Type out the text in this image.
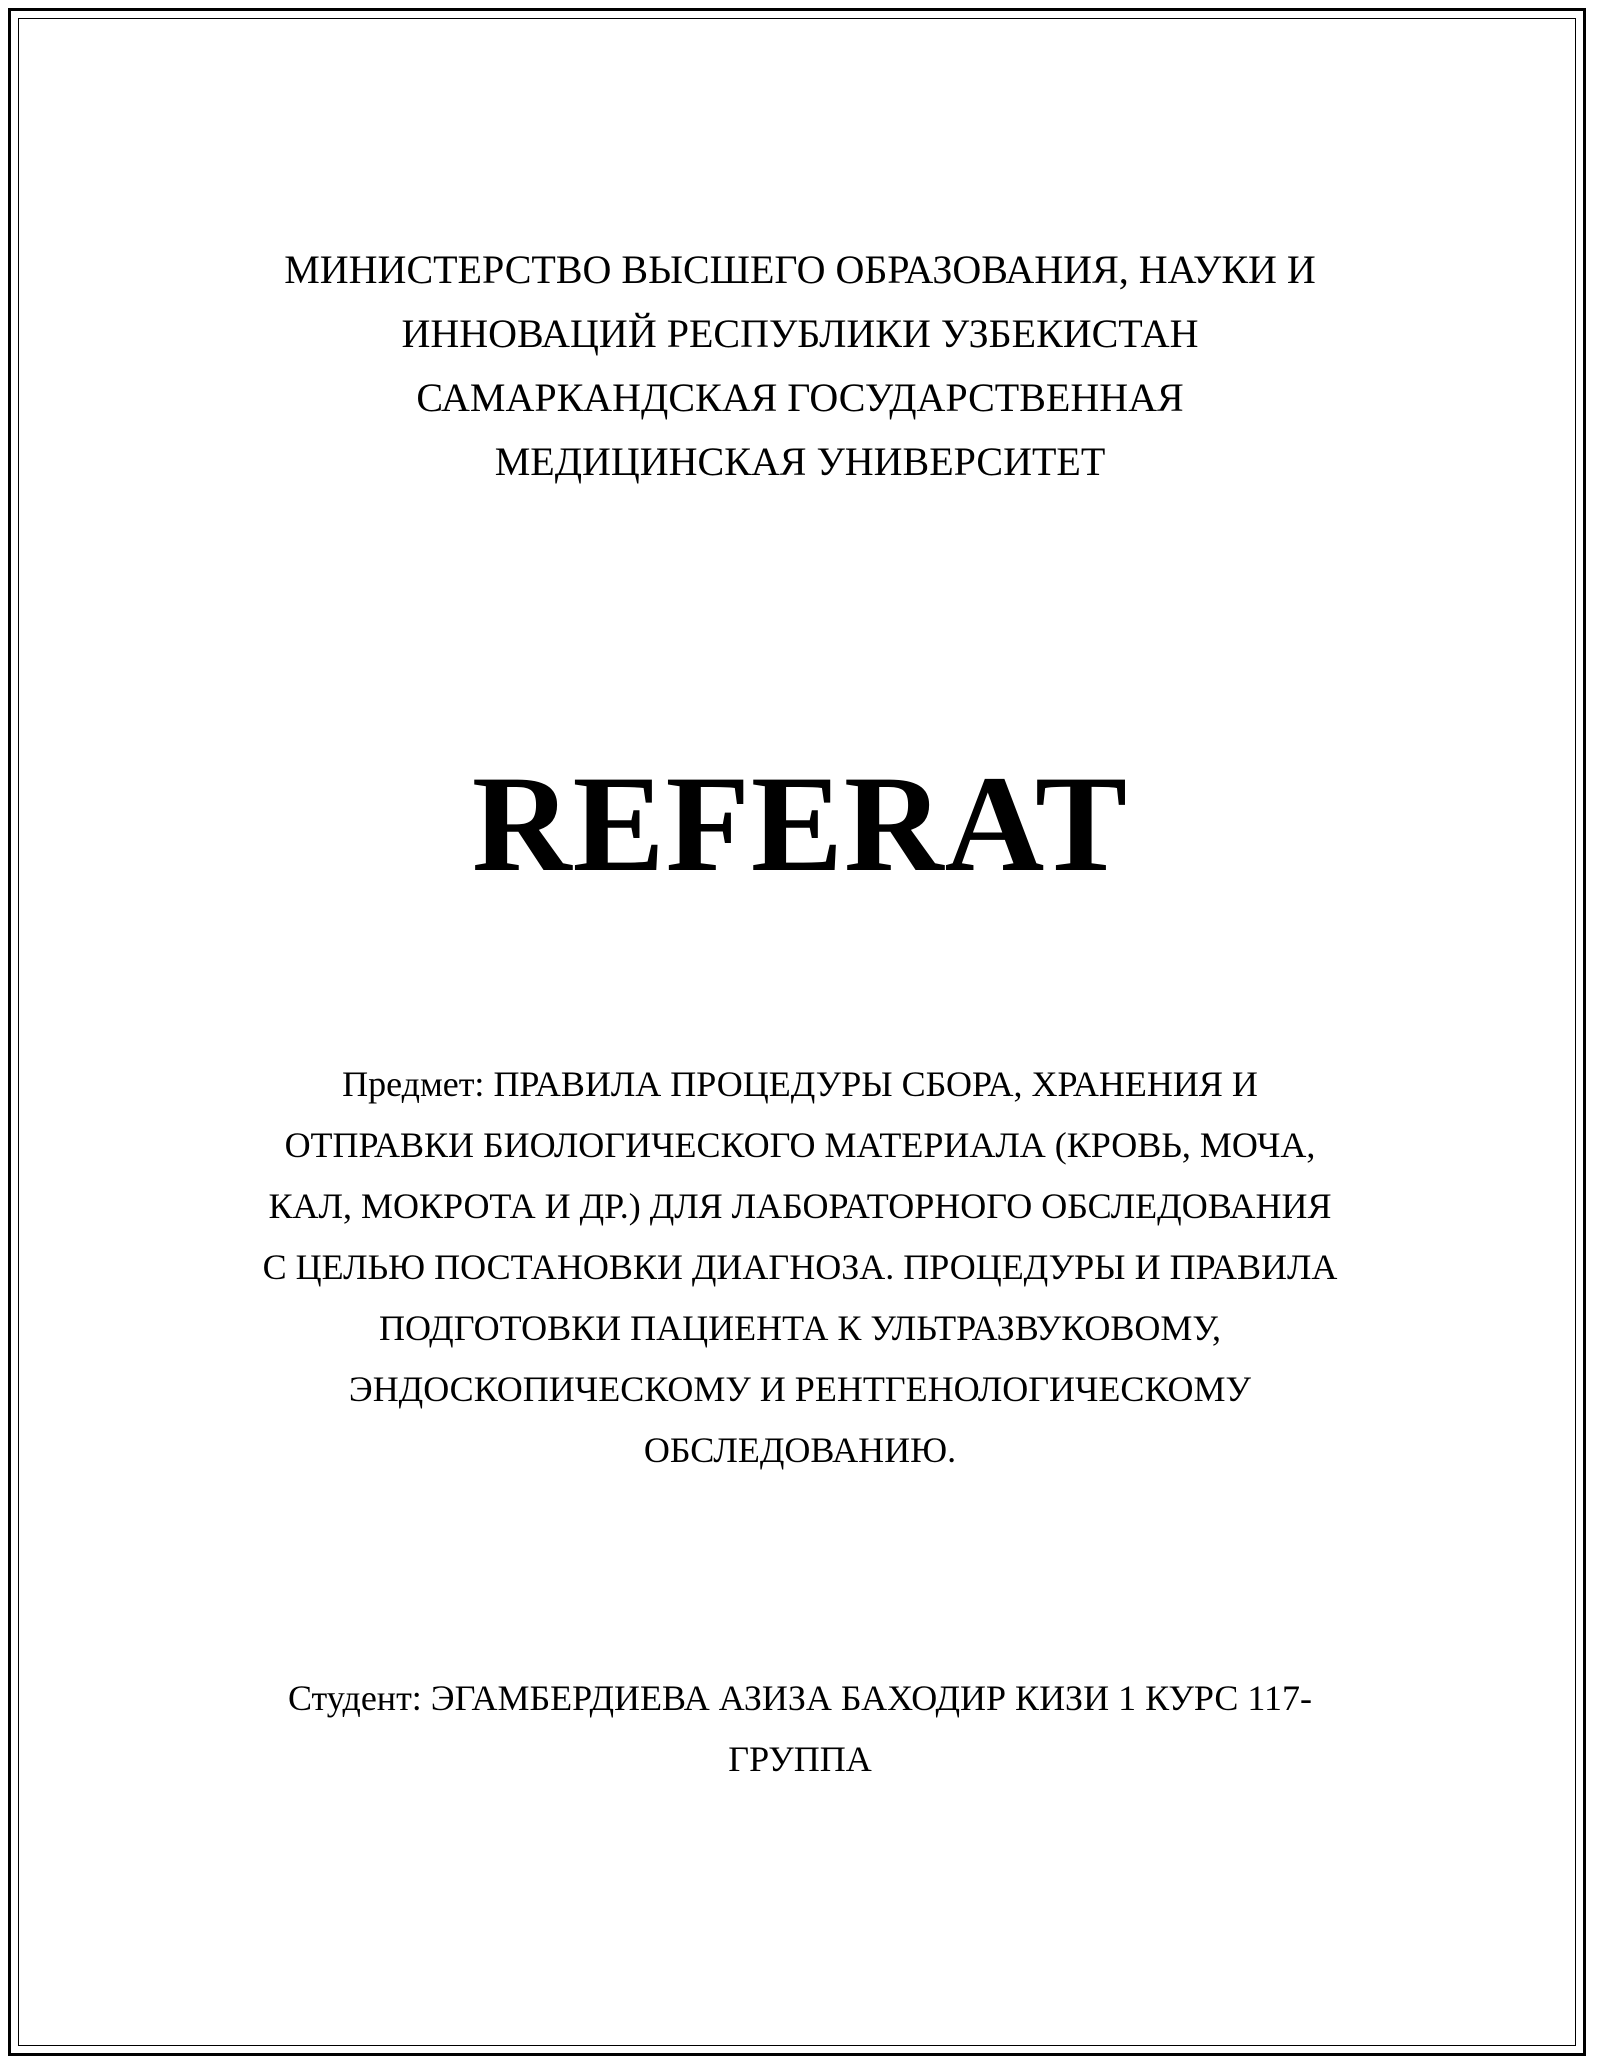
МИНИСТЕРСТВО ВЫСШЕГО ОБРАЗОВАНИЯ, НАУКИ И
ИННОВАЦИЙ РЕСПУБЛИКИ УЗБЕКИСТАН
САМАРКАНДСКАЯ ГОСУДАРСТВЕННАЯ
МЕДИЦИНСКАЯ УНИВЕРСИТЕТ
REFERAT
Предмет: ПРАВИЛА ПРОЦЕДУРЫ СБОРА, ХРАНЕНИЯ И
ОТПРАВКИ БИОЛОГИЧЕСКОГО МАТЕРИАЛА (КРОВЬ, МОЧА,
КАЛ, МОКРОТА И ДР.) ДЛЯ ЛАБОРАТОРНОГО ОБСЛЕДОВАНИЯ
С ЦЕЛЬЮ ПОСТАНОВКИ ДИАГНОЗА. ПРОЦЕДУРЫ И ПРАВИЛА
ПОДГОТОВКИ ПАЦИЕНТА К УЛЬТРАЗВУКОВОМУ,
ЭНДОСКОПИЧЕСКОМУ И РЕНТГЕНОЛОГИЧЕСКОМУ
ОБСЛЕДОВАНИЮ.
Студент: ЭГАМБЕРДИЕВА АЗИЗА БАХОДИР КИЗИ 1 КУРС 117-
ГРУППА
